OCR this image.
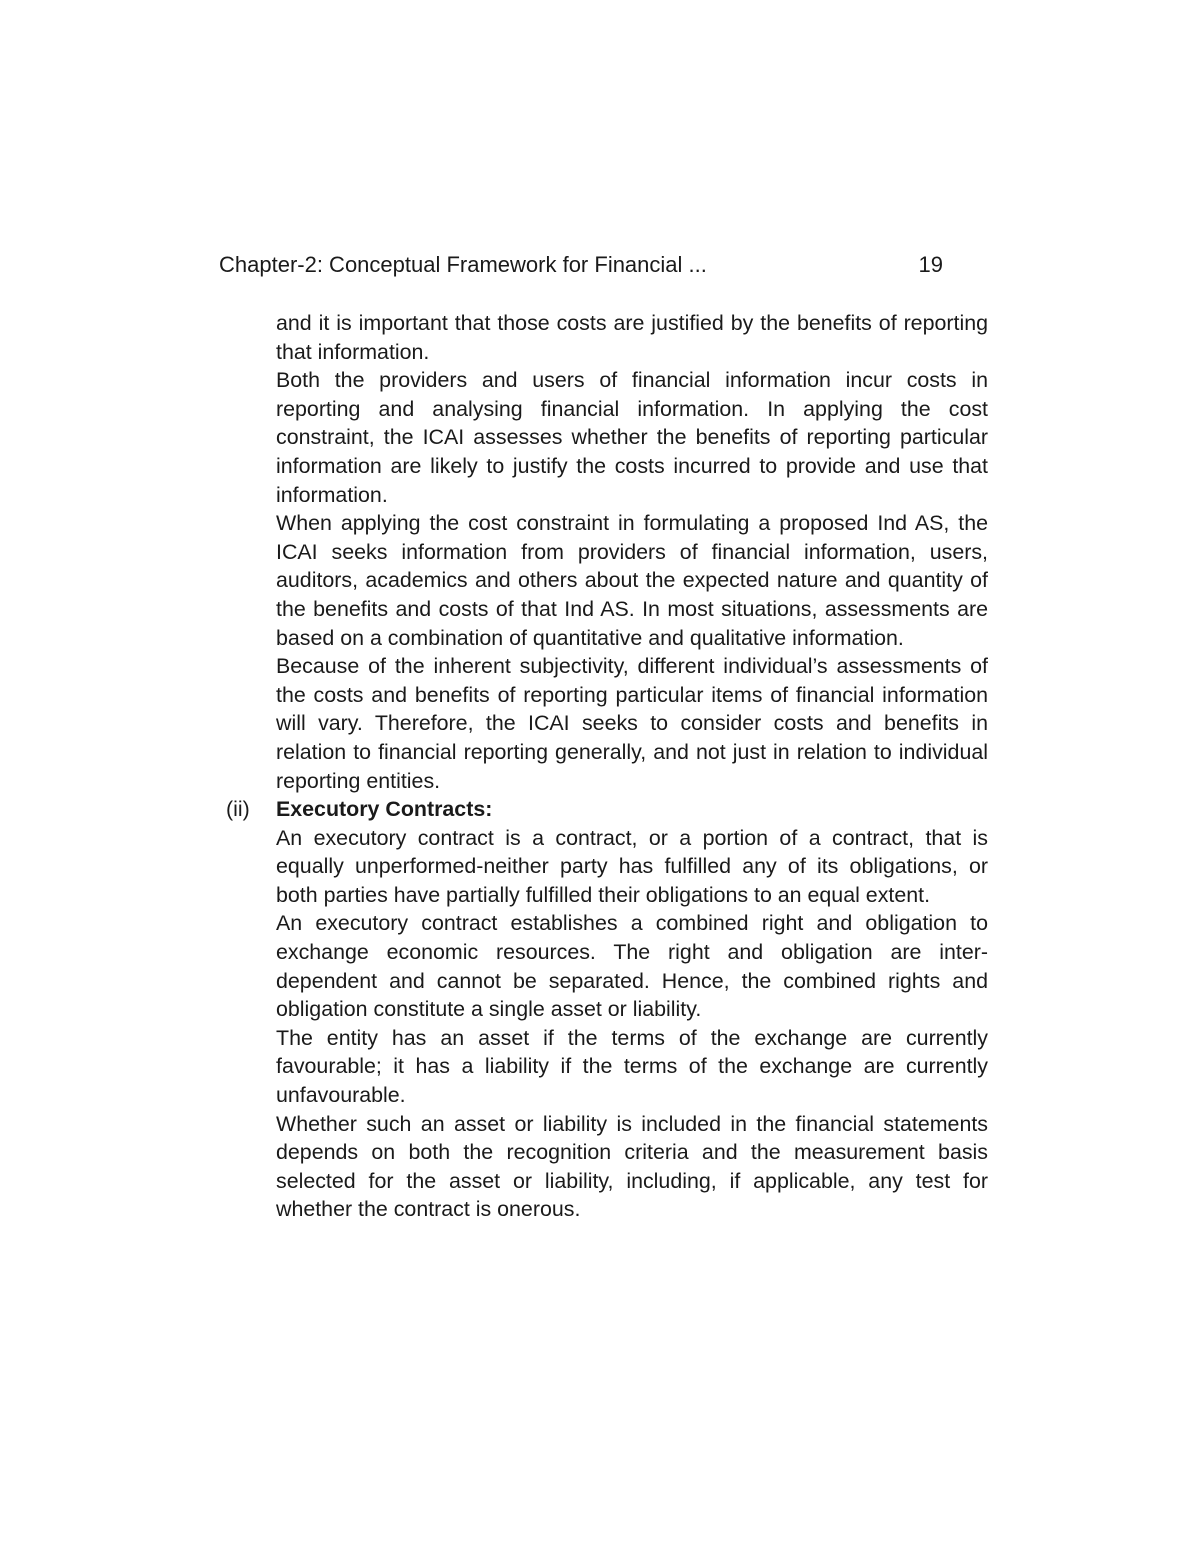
Chapter-2: Conceptual Framework for Financial ...	19

and it is important that those costs are justified by the benefits of reporting that information.

Both the providers and users of financial information incur costs in reporting and analysing financial information. In applying the cost constraint, the ICAI assesses whether the benefits of reporting particular information are likely to justify the costs incurred to provide and use that information.

When applying the cost constraint in formulating a proposed Ind AS, the ICAI seeks information from providers of financial information, users, auditors, academics and others about the expected nature and quantity of the benefits and costs of that Ind AS. In most situations, assessments are based on a combination of quantitative and qualitative information.

Because of the inherent subjectivity, different individual’s assessments of the costs and benefits of reporting particular items of financial information will vary. Therefore, the ICAI seeks to consider costs and benefits in relation to financial reporting generally, and not just in relation to individual reporting entities.

(ii)	Executory Contracts:

An executory contract is a contract, or a portion of a contract, that is equally unperformed-neither party has fulfilled any of its obligations, or both parties have partially fulfilled their obligations to an equal extent.

An executory contract establishes a combined right and obligation to exchange economic resources. The right and obligation are inter-dependent and cannot be separated. Hence, the combined rights and obligation constitute a single asset or liability.

The entity has an asset if the terms of the exchange are currently favourable; it has a liability if the terms of the exchange are currently unfavourable.

Whether such an asset or liability is included in the financial statements depends on both the recognition criteria and the measurement basis selected for the asset or liability, including, if applicable, any test for whether the contract is onerous.
